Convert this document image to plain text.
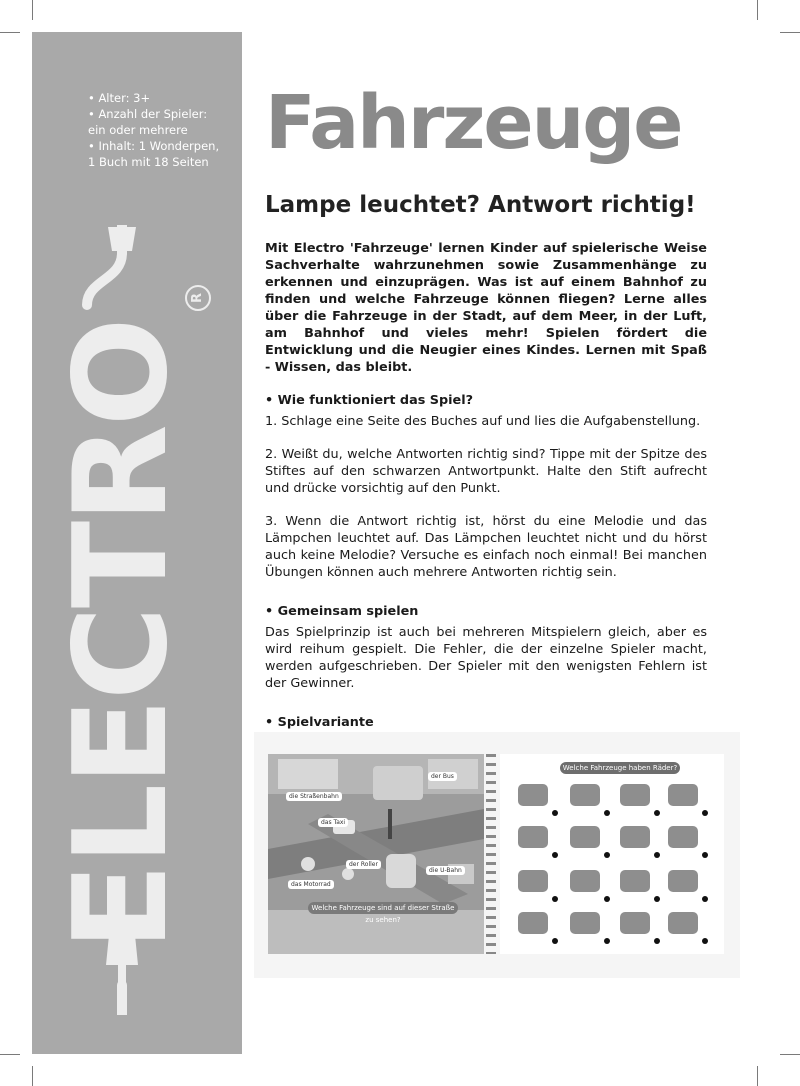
• Alter: 3+
• Anzahl der Spieler:
ein oder mehrere
• Inhalt: 1 Wonderpen,
1 Buch mit 18 Seiten
ELECTRO
R
Fahrzeuge
Lampe leuchtet? Antwort richtig!

Mit Electro 'Fahrzeuge' lernen Kinder auf spielerische Weise Sachverhalte wahrzunehmen sowie Zusammenhänge zu erkennen und einzuprägen. Was ist auf einem Bahnhof zu finden und welche Fahrzeuge können fliegen? Lerne alles über die Fahrzeuge in der Stadt, auf dem Meer, in der Luft, am Bahnhof und vieles mehr! Spielen fördert die Entwicklung und die Neugier eines Kindes. Lernen mit Spaß - Wissen, das bleibt.

• Wie funktioniert das Spiel?

1. Schlage eine Seite des Buches auf und lies die Aufgabenstellung.

2. Weißt du, welche Antworten richtig sind? Tippe mit der Spitze des Stiftes auf den schwarzen Antwortpunkt. Halte den Stift aufrecht und drücke vorsichtig auf den Punkt.

3. Wenn die Antwort richtig ist, hörst du eine Melodie und das Lämpchen leuchtet auf. Das Lämpchen leuchtet nicht und du hörst auch keine Melodie? Versuche es einfach noch einmal! Bei manchen Übungen können auch mehrere Antworten richtig sein.

• Gemeinsam spielen

Das Spielprinzip ist auch bei mehreren Mitspielern gleich, aber es wird reihum gespielt. Die Fehler, die der einzelne Spieler macht, werden aufgeschrieben. Der Spieler mit den wenigsten Fehlern ist der Gewinner.

• Spielvariante

die Straßenbahn
der Bus
das Taxi
der Roller
das Motorrad
die U-Bahn
Welche Fahrzeuge sind auf dieser Straße zu sehen?
Welche Fahrzeuge haben Räder?
